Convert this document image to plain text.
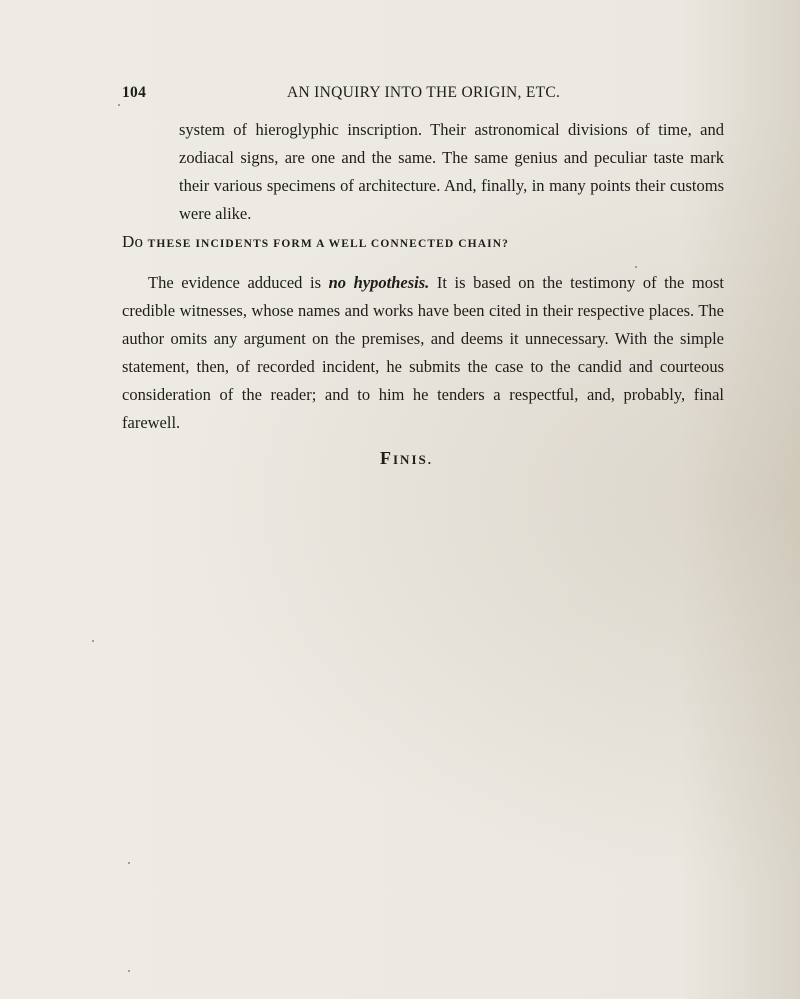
104	AN INQUIRY INTO THE ORIGIN, ETC.

system of hieroglyphic inscription. Their astronomical divisions of time, and zodiacal signs, are one and the same. The same genius and peculiar taste mark their various specimens of architecture. And, finally, in many points their customs were alike.

Do THESE INCIDENTS FORM A WELL CONNECTED CHAIN?

The evidence adduced is no hypothesis. It is based on the testimony of the most credible witnesses, whose names and works have been cited in their respective places. The author omits any argument on the premises, and deems it unnecessary. With the simple statement, then, of recorded incident, he submits the case to the candid and courteous consideration of the reader; and to him he tenders a respectful, and, probably, final farewell.

FINIS.
